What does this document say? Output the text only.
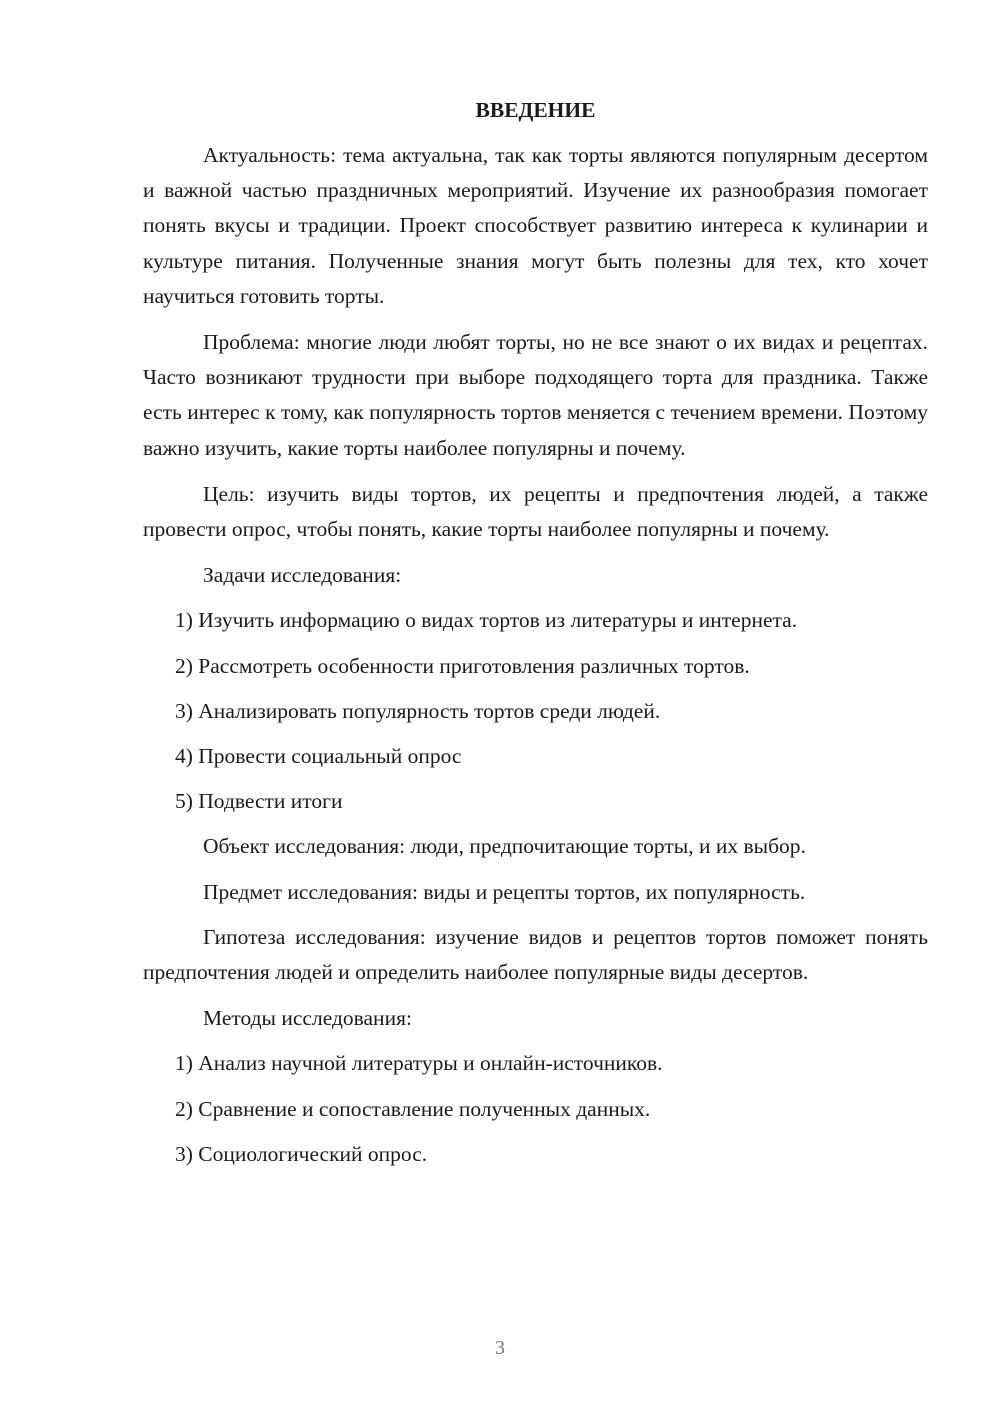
ВВЕДЕНИЕ

Актуальность: тема актуальна, так как торты являются популярным десертом и важной частью праздничных мероприятий. Изучение их разнообразия помогает понять вкусы и традиции. Проект способствует развитию интереса к кулинарии и культуре питания. Полученные знания могут быть полезны для тех, кто хочет научиться готовить торты.

Проблема: многие люди любят торты, но не все знают о их видах и рецептах. Часто возникают трудности при выборе подходящего торта для праздника. Также есть интерес к тому, как популярность тортов меняется с течением времени. Поэтому важно изучить, какие торты наиболее популярны и почему.

Цель: изучить виды тортов, их рецепты и предпочтения людей, а также провести опрос, чтобы понять, какие торты наиболее популярны и почему.

Задачи исследования:
1) Изучить информацию о видах тортов из литературы и интернета.
2) Рассмотреть особенности приготовления различных тортов.
3) Анализировать популярность тортов среди людей.
4) Провести социальный опрос
5) Подвести итоги
Объект исследования: люди, предпочитающие торты, и их выбор.
Предмет исследования: виды и рецепты тортов, их популярность.

Гипотеза исследования: изучение видов и рецептов тортов поможет понять предпочтения людей и определить наиболее популярные виды десертов.

Методы исследования:
1) Анализ научной литературы и онлайн-источников.
2) Сравнение и сопоставление полученных данных.
3) Социологический опрос.
3
